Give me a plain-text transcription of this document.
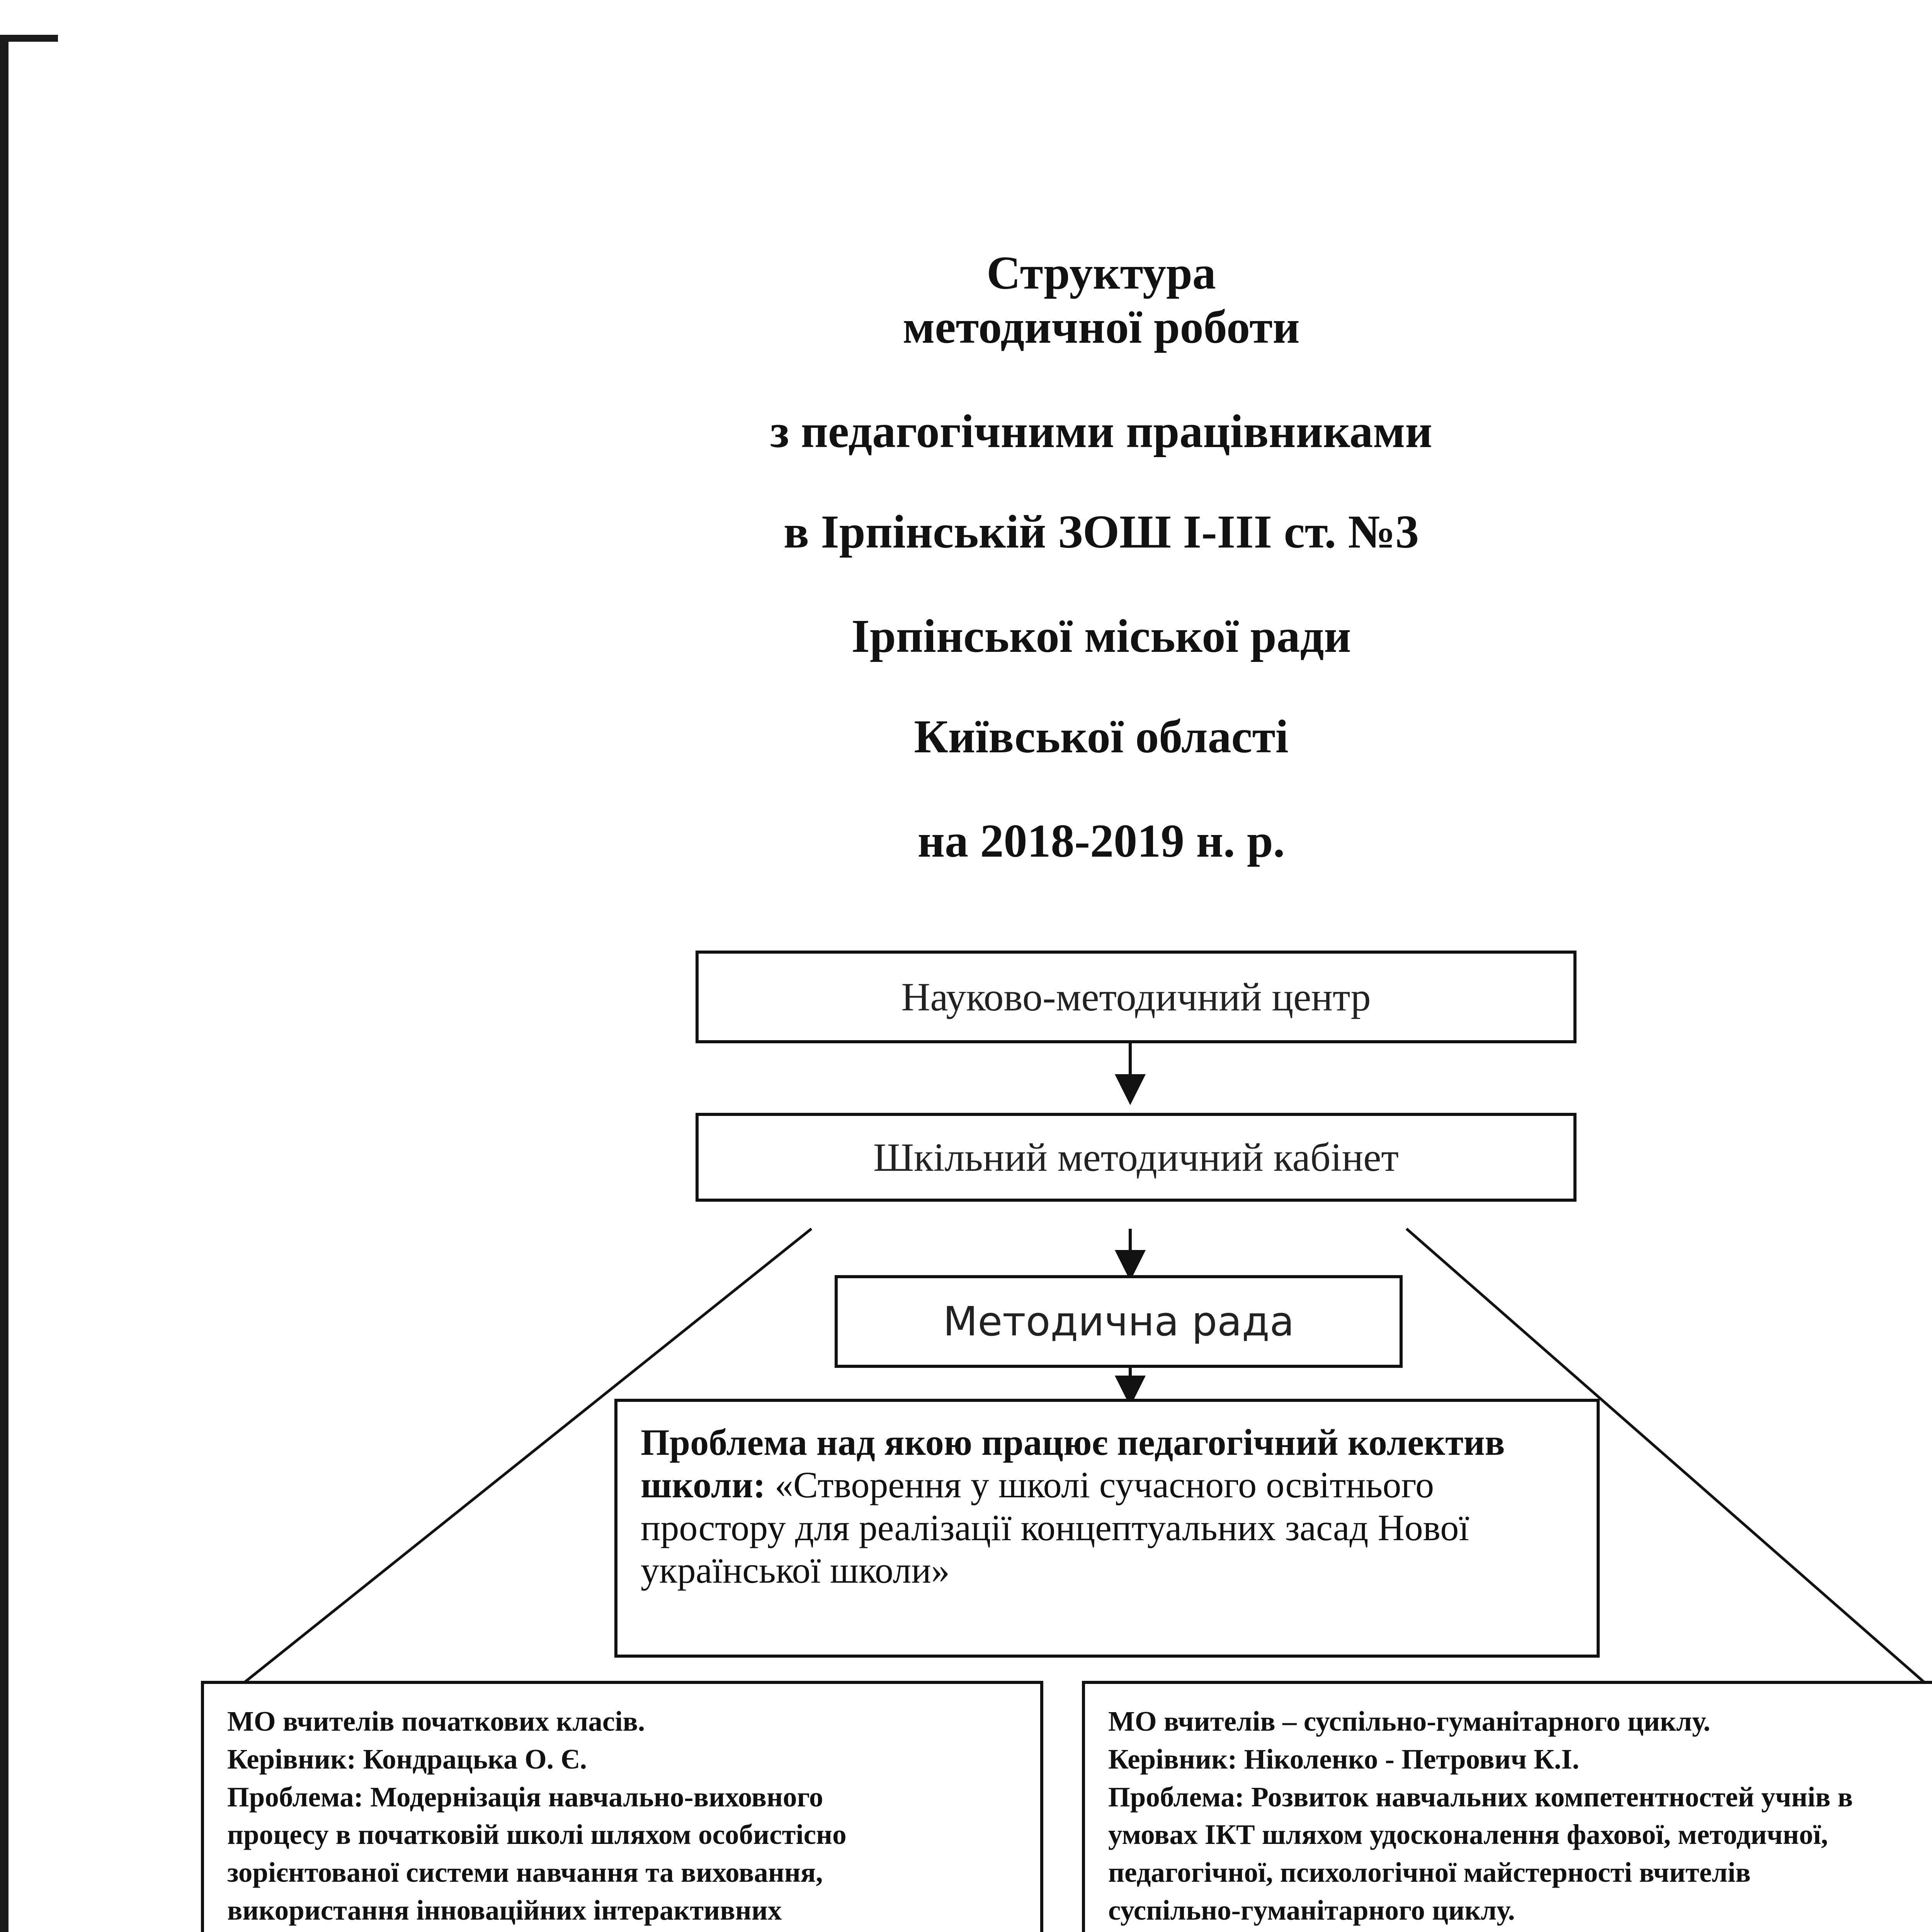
Структура
методичної роботи
з педагогічними працівниками
в Ірпінській ЗОШ І-ІІІ ст. №3
Ірпінської міської ради
Київської області
на 2018-2019 н. р.
Науково-методичний центр
Шкільний методичний кабінет
Методична рада
Проблема над якою працює педагогічний колектив школи: «Створення у школі сучасного освітнього простору для реалізації концептуальних засад Нової української школи»
МО вчителів початкових класів.
Керівник: Кондрацька О. Є.
Проблема: Модернізація навчально-виховного
процесу в початковій школі шляхом особистісно
зорієнтованої системи навчання та виховання,
використання інноваційних інтерактивних
МО вчителів – суспільно-гуманітарного циклу.
Керівник: Ніколенко - Петрович К.І.
Проблема: Розвиток навчальних компетентностей учнів в
умовах ІКТ шляхом удосконалення фахової, методичної,
педагогічної, психологічної майстерності вчителів
суспільно-гуманітарного циклу.
